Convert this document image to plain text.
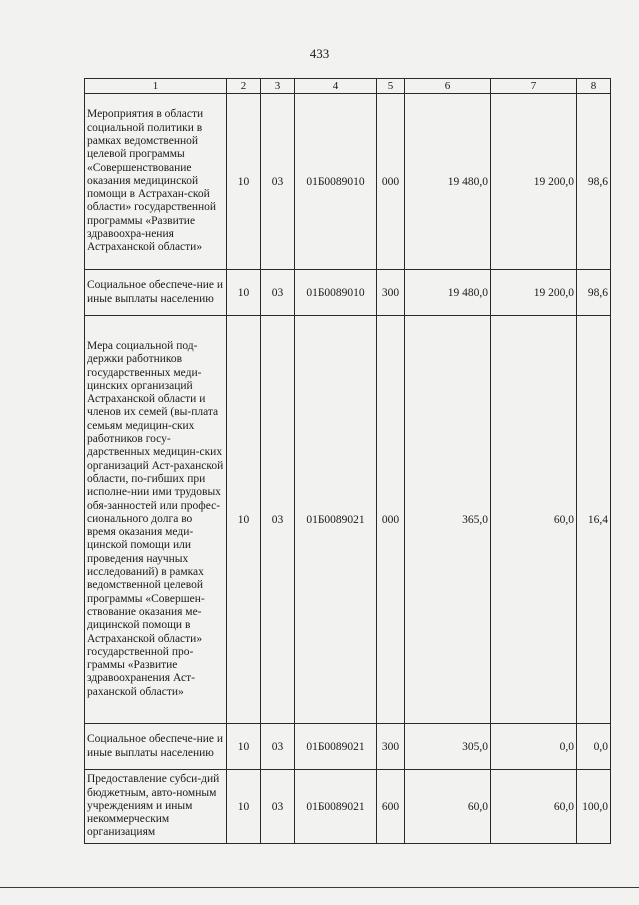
433
1	2	3	4	5	6	7	8
Мероприятия в области социальной политики в рамках ведомственной целевой программы «Совершенствование оказания медицинской помощи в Астрахан-ской области» государственной программы «Развитие здравоохра-нения Астраханской области»	10	03	01Б0089010	000	19 480,0	19 200,0	98,6
Социальное обеспече-ние и иные выплаты населению	10	03	01Б0089010	300	19 480,0	19 200,0	98,6
Мера социальной под-держки работников государственных меди-цинских организаций Астраханской области и членов их семей (вы-плата семьям медицин-ских работников госу-дарственных медицин-ских организаций Аст-раханской области, по-гибших при исполне-нии ими трудовых обя-занностей или профес-сионального долга во время оказания меди-цинской помощи или проведения научных исследований) в рамках ведомственной целевой программы «Совершен-ствование оказания ме-дицинской помощи в Астраханской области» государственной про-граммы «Развитие здравоохранения Аст-раханской области»	10	03	01Б0089021	000	365,0	60,0	16,4
Социальное обеспече-ние и иные выплаты населению	10	03	01Б0089021	300	305,0	0,0	0,0
Предоставление субси-дий бюджетным, авто-номным учреждениям и иным некоммерческим организациям	10	03	01Б0089021	600	60,0	60,0	100,0
